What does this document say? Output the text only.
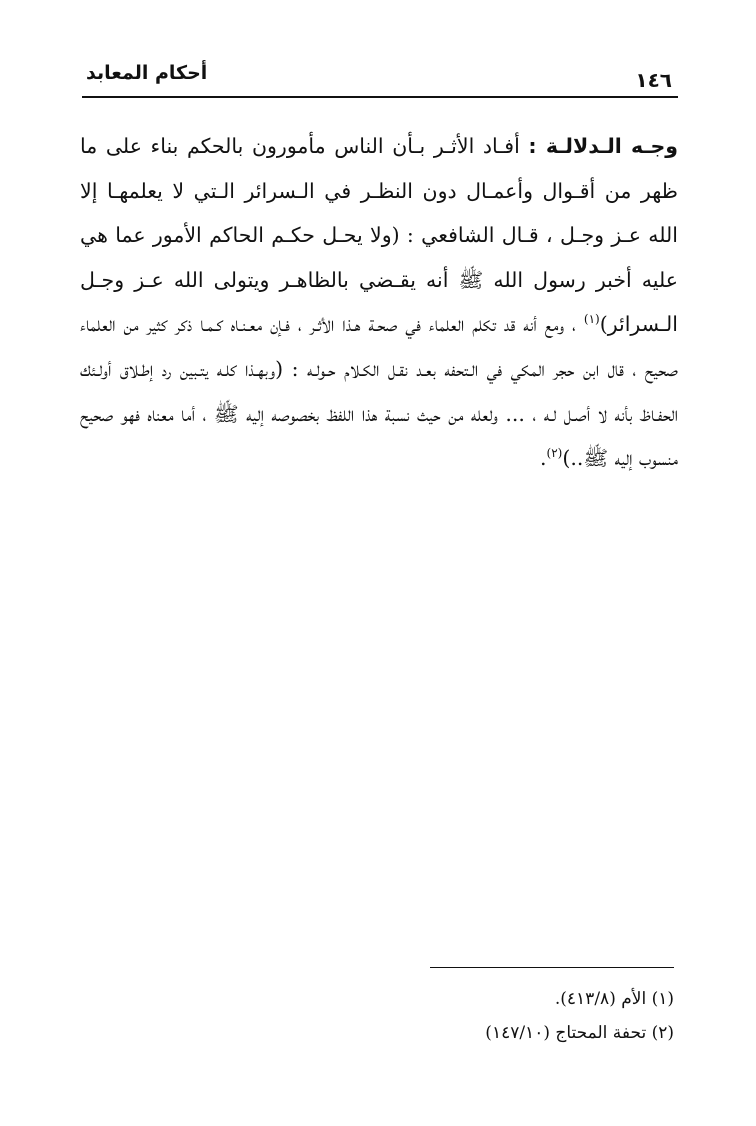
أحكام المعابد	١٤٦
وجـه الـدلالـة : أفـاد الأثـر بـأن الناس مأمورون بالحكم بناء على ما ظهر من أقـوال وأعمـال دون النظـر في الـسرائر الـتي لا يعلمهـا إلا الله عـز وجـل ، قـال الشافعي : (ولا يحـل حكـم الحاكم الأمور عما هي عليه أخبر رسول الله ﷺ أنه يقـضي بالظاهـر ويتولى الله عـز وجـل الـسرائر)$^{(١)}$ ، ومع أنه قد تكلم العلماء في صحـة هـذا الأثـر ، فـإن معـنـاه كـمـا ذكر كثير من العلماء صحيح ، قال ابن حجر المكي في الـتحفه بعـد نقـل الكـلام حـولـه : (وبهـذا كلـه يتـبين رد إطـلاق أولـئك الحفـاظ بأنه لا أصـل لـه ، ... ولعله من حيث نسبة هذا اللفظ بخصوصه إليه ﷺ ، أما معناه فهو صحيح منسوب إليه ﷺ..)$^{(٢)}$.
(١) الأم (٤١٣/٨).
(٢) تحفة المحتاج (١٤٧/١٠)
